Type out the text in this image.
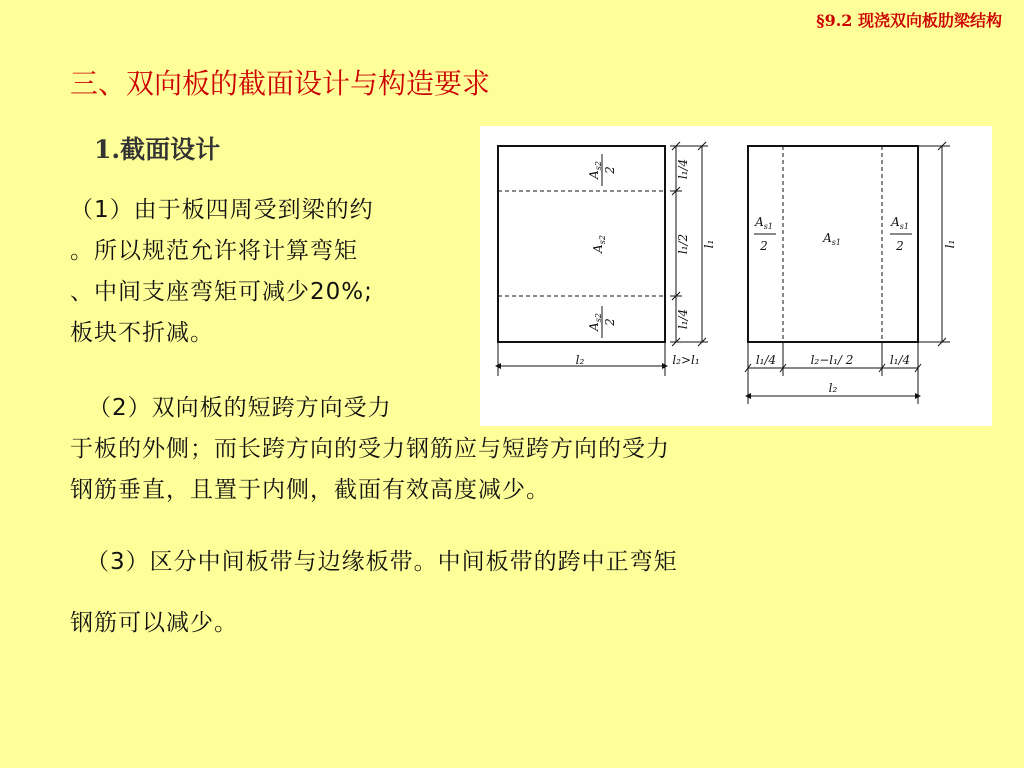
§9.2 现浇双向板肋梁结构
三、双向板的截面设计与构造要求
1.截面设计

（1）由于板四周受到梁的约
。所以规范允许将计算弯矩
、中间支座弯矩可减少20%;
板块不折减。

（2）双向板的短跨方向受力
于板的外侧；而长跨方向的受力钢筋应与短跨方向的受力
钢筋垂直，且置于内侧，截面有效高度减少。

（3）区分中间板带与边缘板带。中间板带的跨中正弯矩

钢筋可以减少。

$A_{s2}$ 2
$A_{s2}$
$A_{s2}$ 2
l₁/4
l₁/2
l₁/4
l₁
l₂	l₂>l₁
$A_{s1}$
2
$A_{s1}$
$A_{s1}$
2	l₁
l₁/4	l₂−l₁/ 2	l₁/4
l₂
